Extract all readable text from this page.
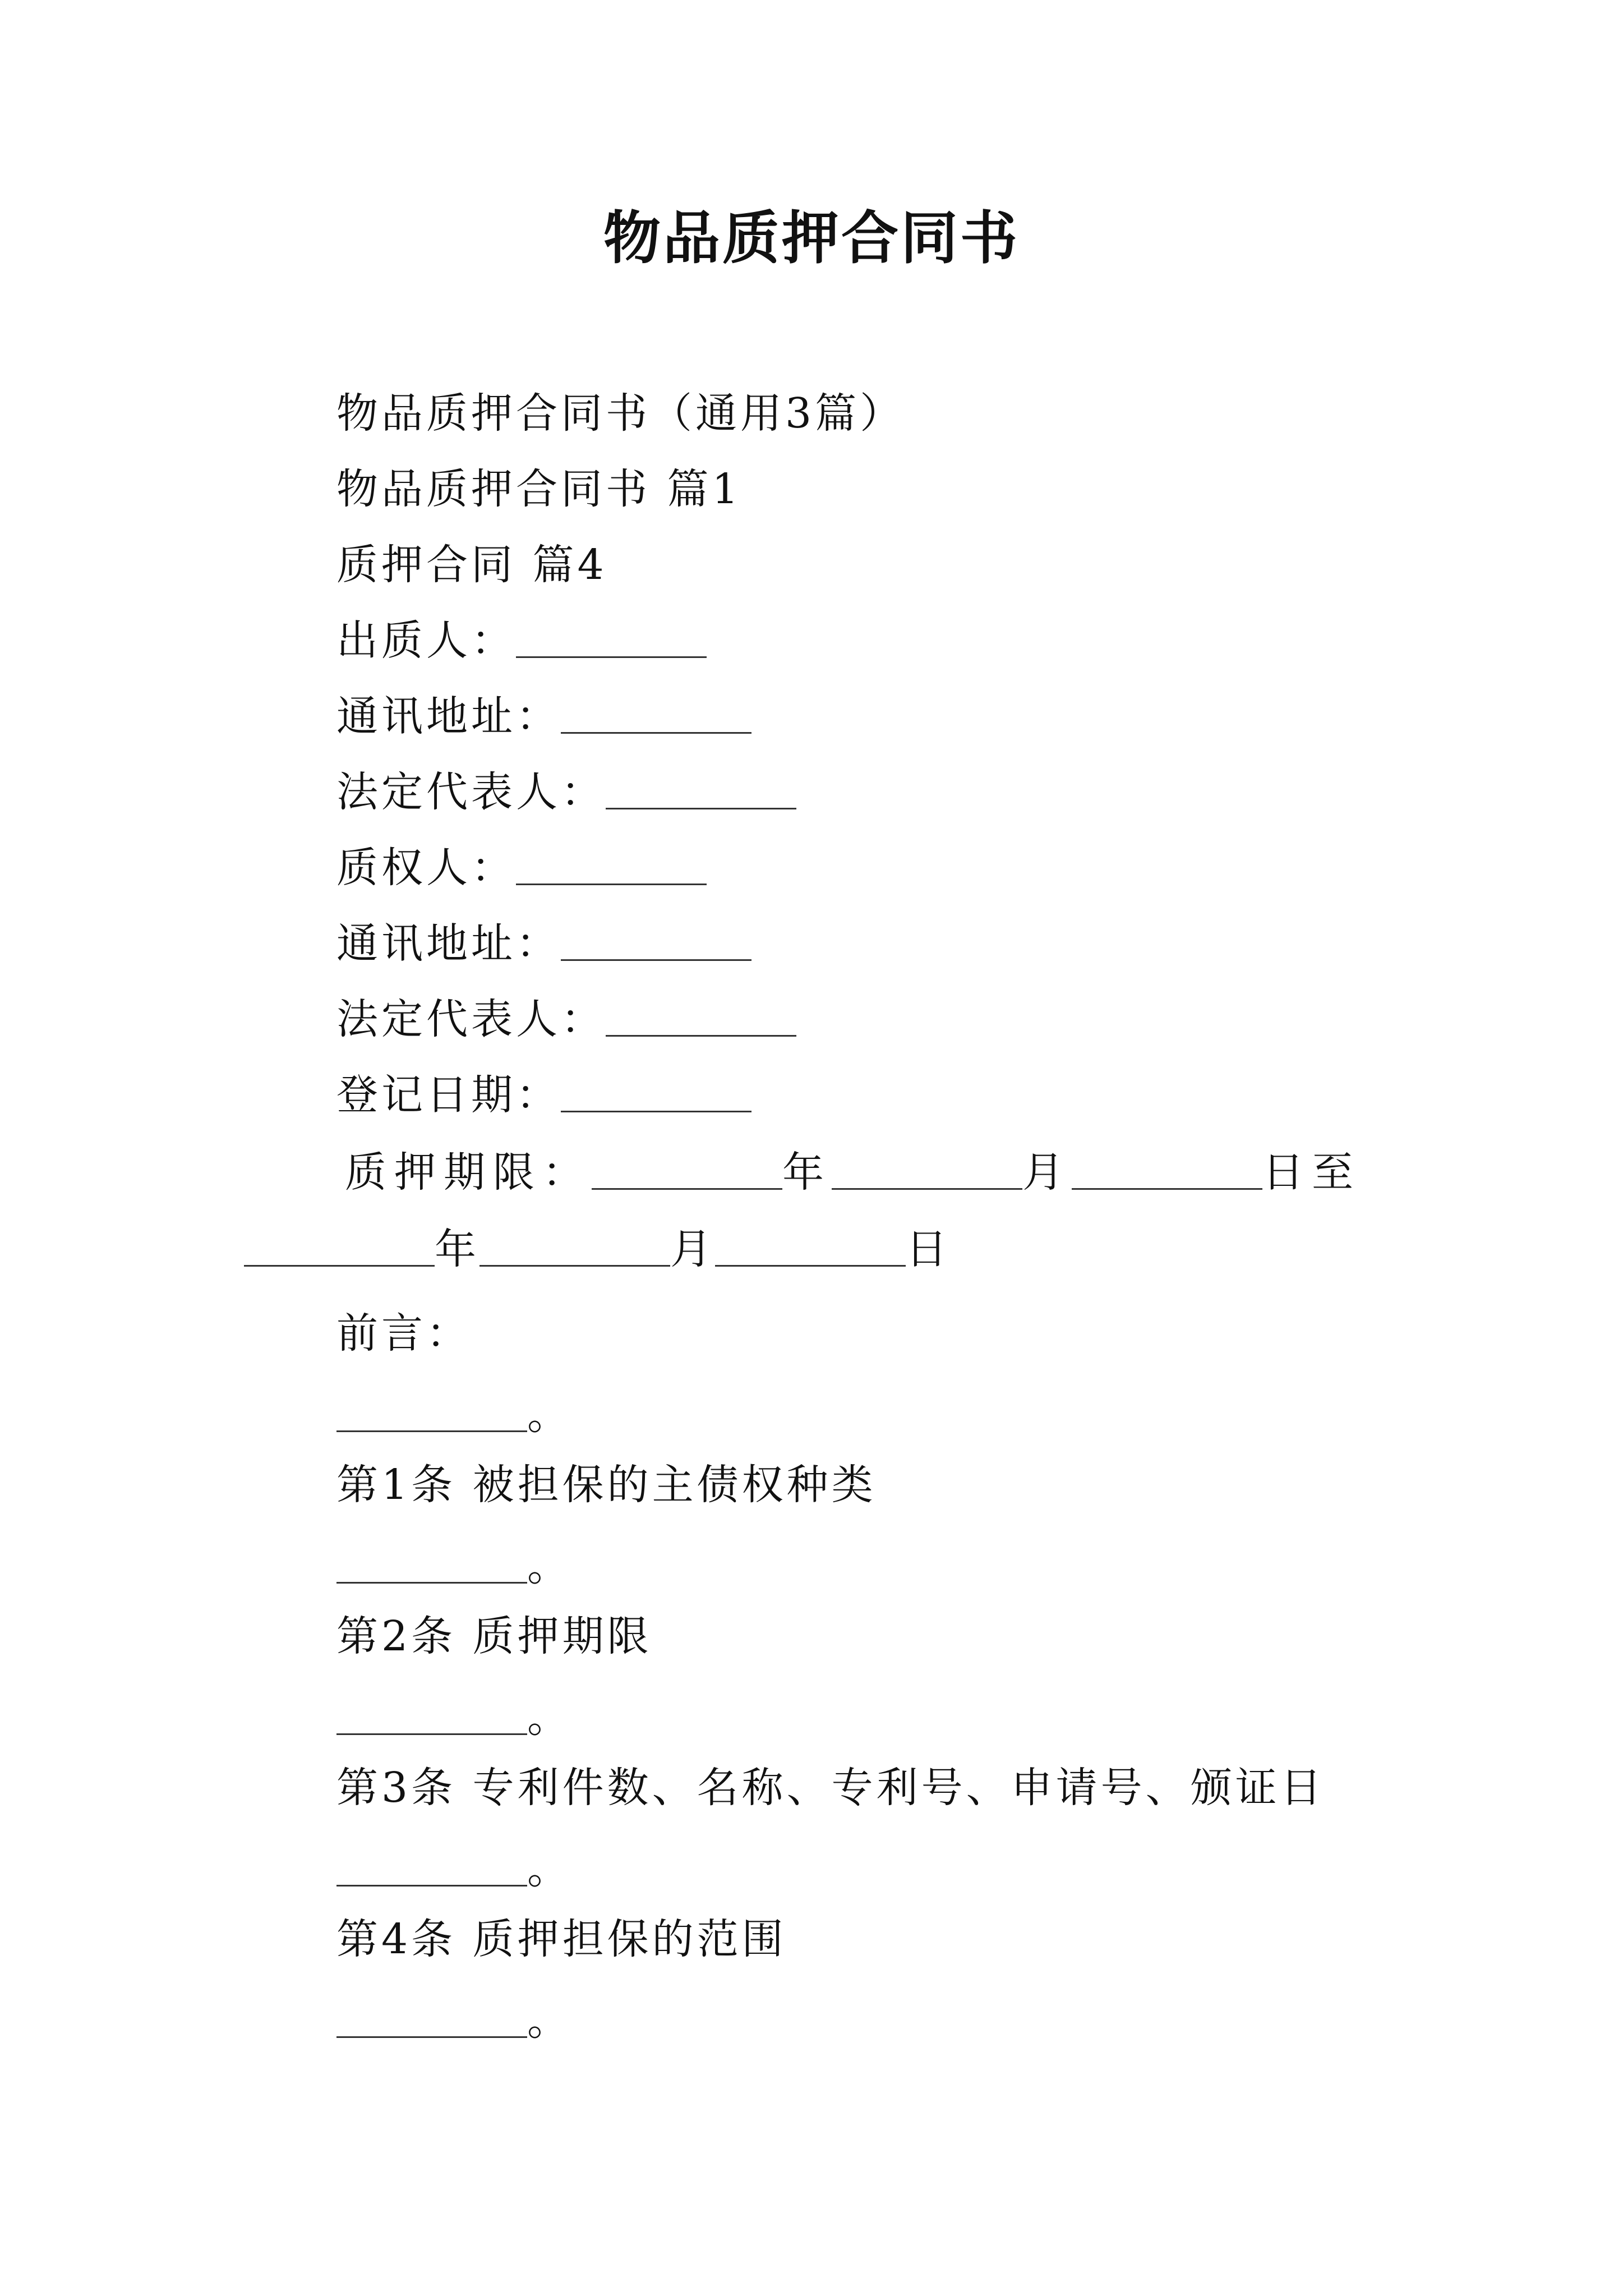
物品质押合同书
物品质押合同书（通用3篇）
物品质押合同书 篇1
质押合同 篇4
出质人：
通讯地址：
法定代表人：
质权人：
通讯地址：
法定代表人：
登记日期：
质押期限：	年	月	日至
年	月	日
前言：
。
第1条 被担保的主债权种类
。
第2条 质押期限
。
第3条 专利件数、名称、专利号、申请号、颁证日
。
第4条 质押担保的范围
。
